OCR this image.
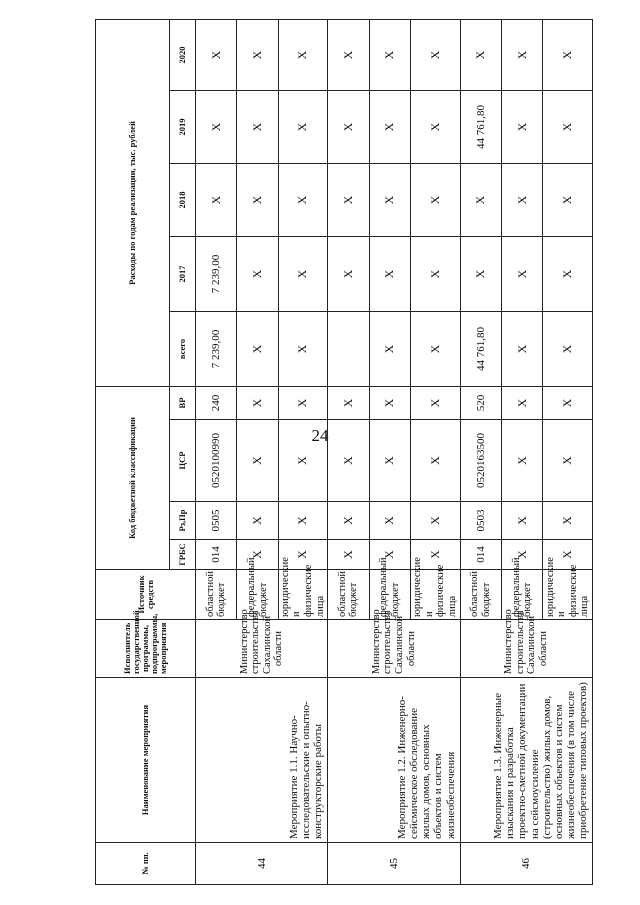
24
№ пп.	Наименование мероприятия	Исполнитель государственной программы, подпрограммы, мероприятия	Источник средств	Код бюджетной классификации				Расходы по годам реализации, тыс. рублей				

				ГРБС	Рз,Пр	ЦСР	ВР	всего	2017	2018	2019	2020
44	Мероприятие 1.1. Научно-исследовательские и опытно-конструкторские работы	Министерство строительства Сахалинской области	областной бюджет	014	0505	0520100990	240	7 239,00	7 239,00	Х	Х	Х
			федеральный бюджет	Х	Х	Х	Х	Х	Х	Х	Х	Х
			юридические и физические лица	Х	Х	Х	Х	Х	Х	Х	Х	Х
45	Мероприятие 1.2. Инженерно-сейсмическое обследование жилых домов, основных объектов и систем жизнеобеспечения	Министерство строительства Сахалинской области	областной бюджет	Х	Х	Х	Х		Х	Х	Х	Х
			федеральный бюджет	Х	Х	Х	Х	Х	Х	Х	Х	Х
			юридические и физические лица	Х	Х	Х	Х	Х	Х	Х	Х	Х
46	Мероприятие 1.3. Инженерные изыскания и разработка проектно-сметной документации на сейсмоусиление (строительство) жилых домов, основных объектов и систем жизнеобеспечения (в том числе приобретение типовых проектов)	Министерство строительства Сахалинской области	областной бюджет	014	0503	0520163500	520	44 761,80	Х	Х	44 761,80	Х
			федеральный бюджет	Х	Х	Х	Х	Х	Х	Х	Х	Х
			юридические и физические лица	Х	Х	Х	Х	Х	Х	Х	Х	Х
